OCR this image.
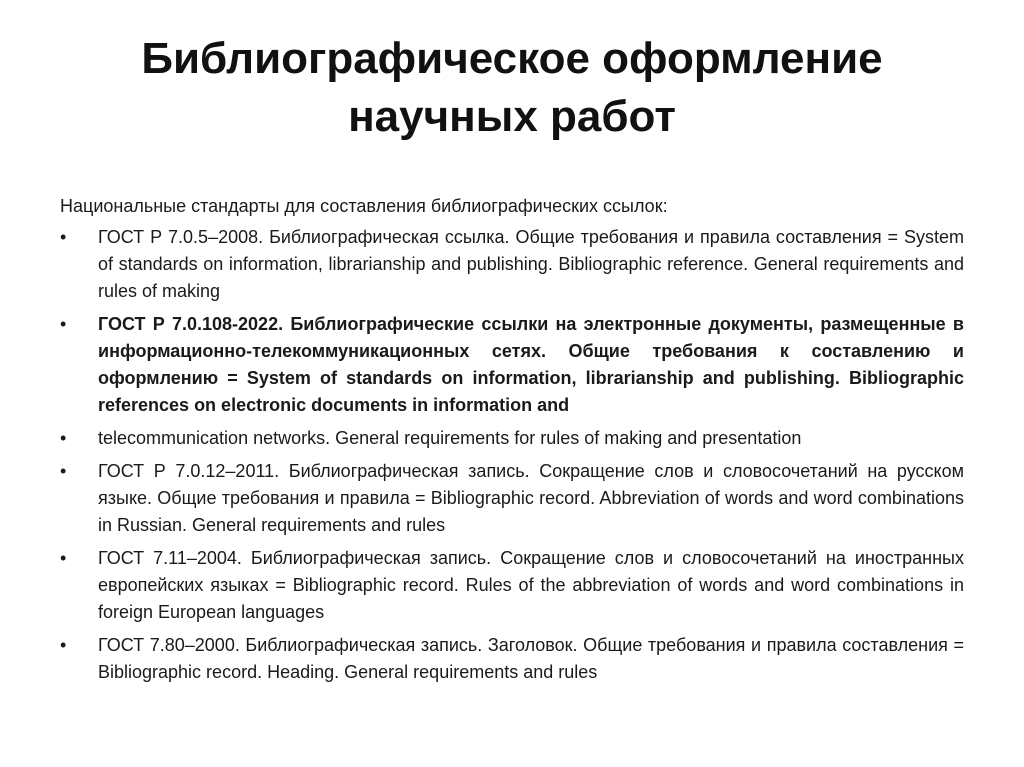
Библиографическое оформление
научных работ

Национальные стандарты для составления библиографических ссылок:

•	ГОСТ Р 7.0.5–2008. Библиографическая ссылка. Общие требования и правила составления = System of standards on information, librarianship and publishing. Bibliographic reference. General requirements and rules of making
•	ГОСТ Р 7.0.108-2022. Библиографические ссылки на электронные документы, размещенные в информационно-телекоммуникационных сетях. Общие требования к составлению и оформлению = System of standards on information, librarianship and publishing. Bibliographic references on electronic documents in information and
•	telecommunication networks. General requirements for rules of making and presentation
•	ГОСТ Р 7.0.12–2011. Библиографическая запись. Сокращение слов и словосочетаний на русском языке. Общие требования и правила = Bibliographic record. Abbreviation of words and word combinations in Russian. General requirements and rules
•	ГОСТ 7.11–2004. Библиографическая запись. Сокращение слов и словосочетаний на иностранных европейских языках = Bibliographic record. Rules of the abbreviation of words and word combinations in foreign European languages
•	ГОСТ 7.80–2000. Библиографическая запись. Заголовок. Общие требования и правила составления = Bibliographic record. Heading. General requirements and rules
